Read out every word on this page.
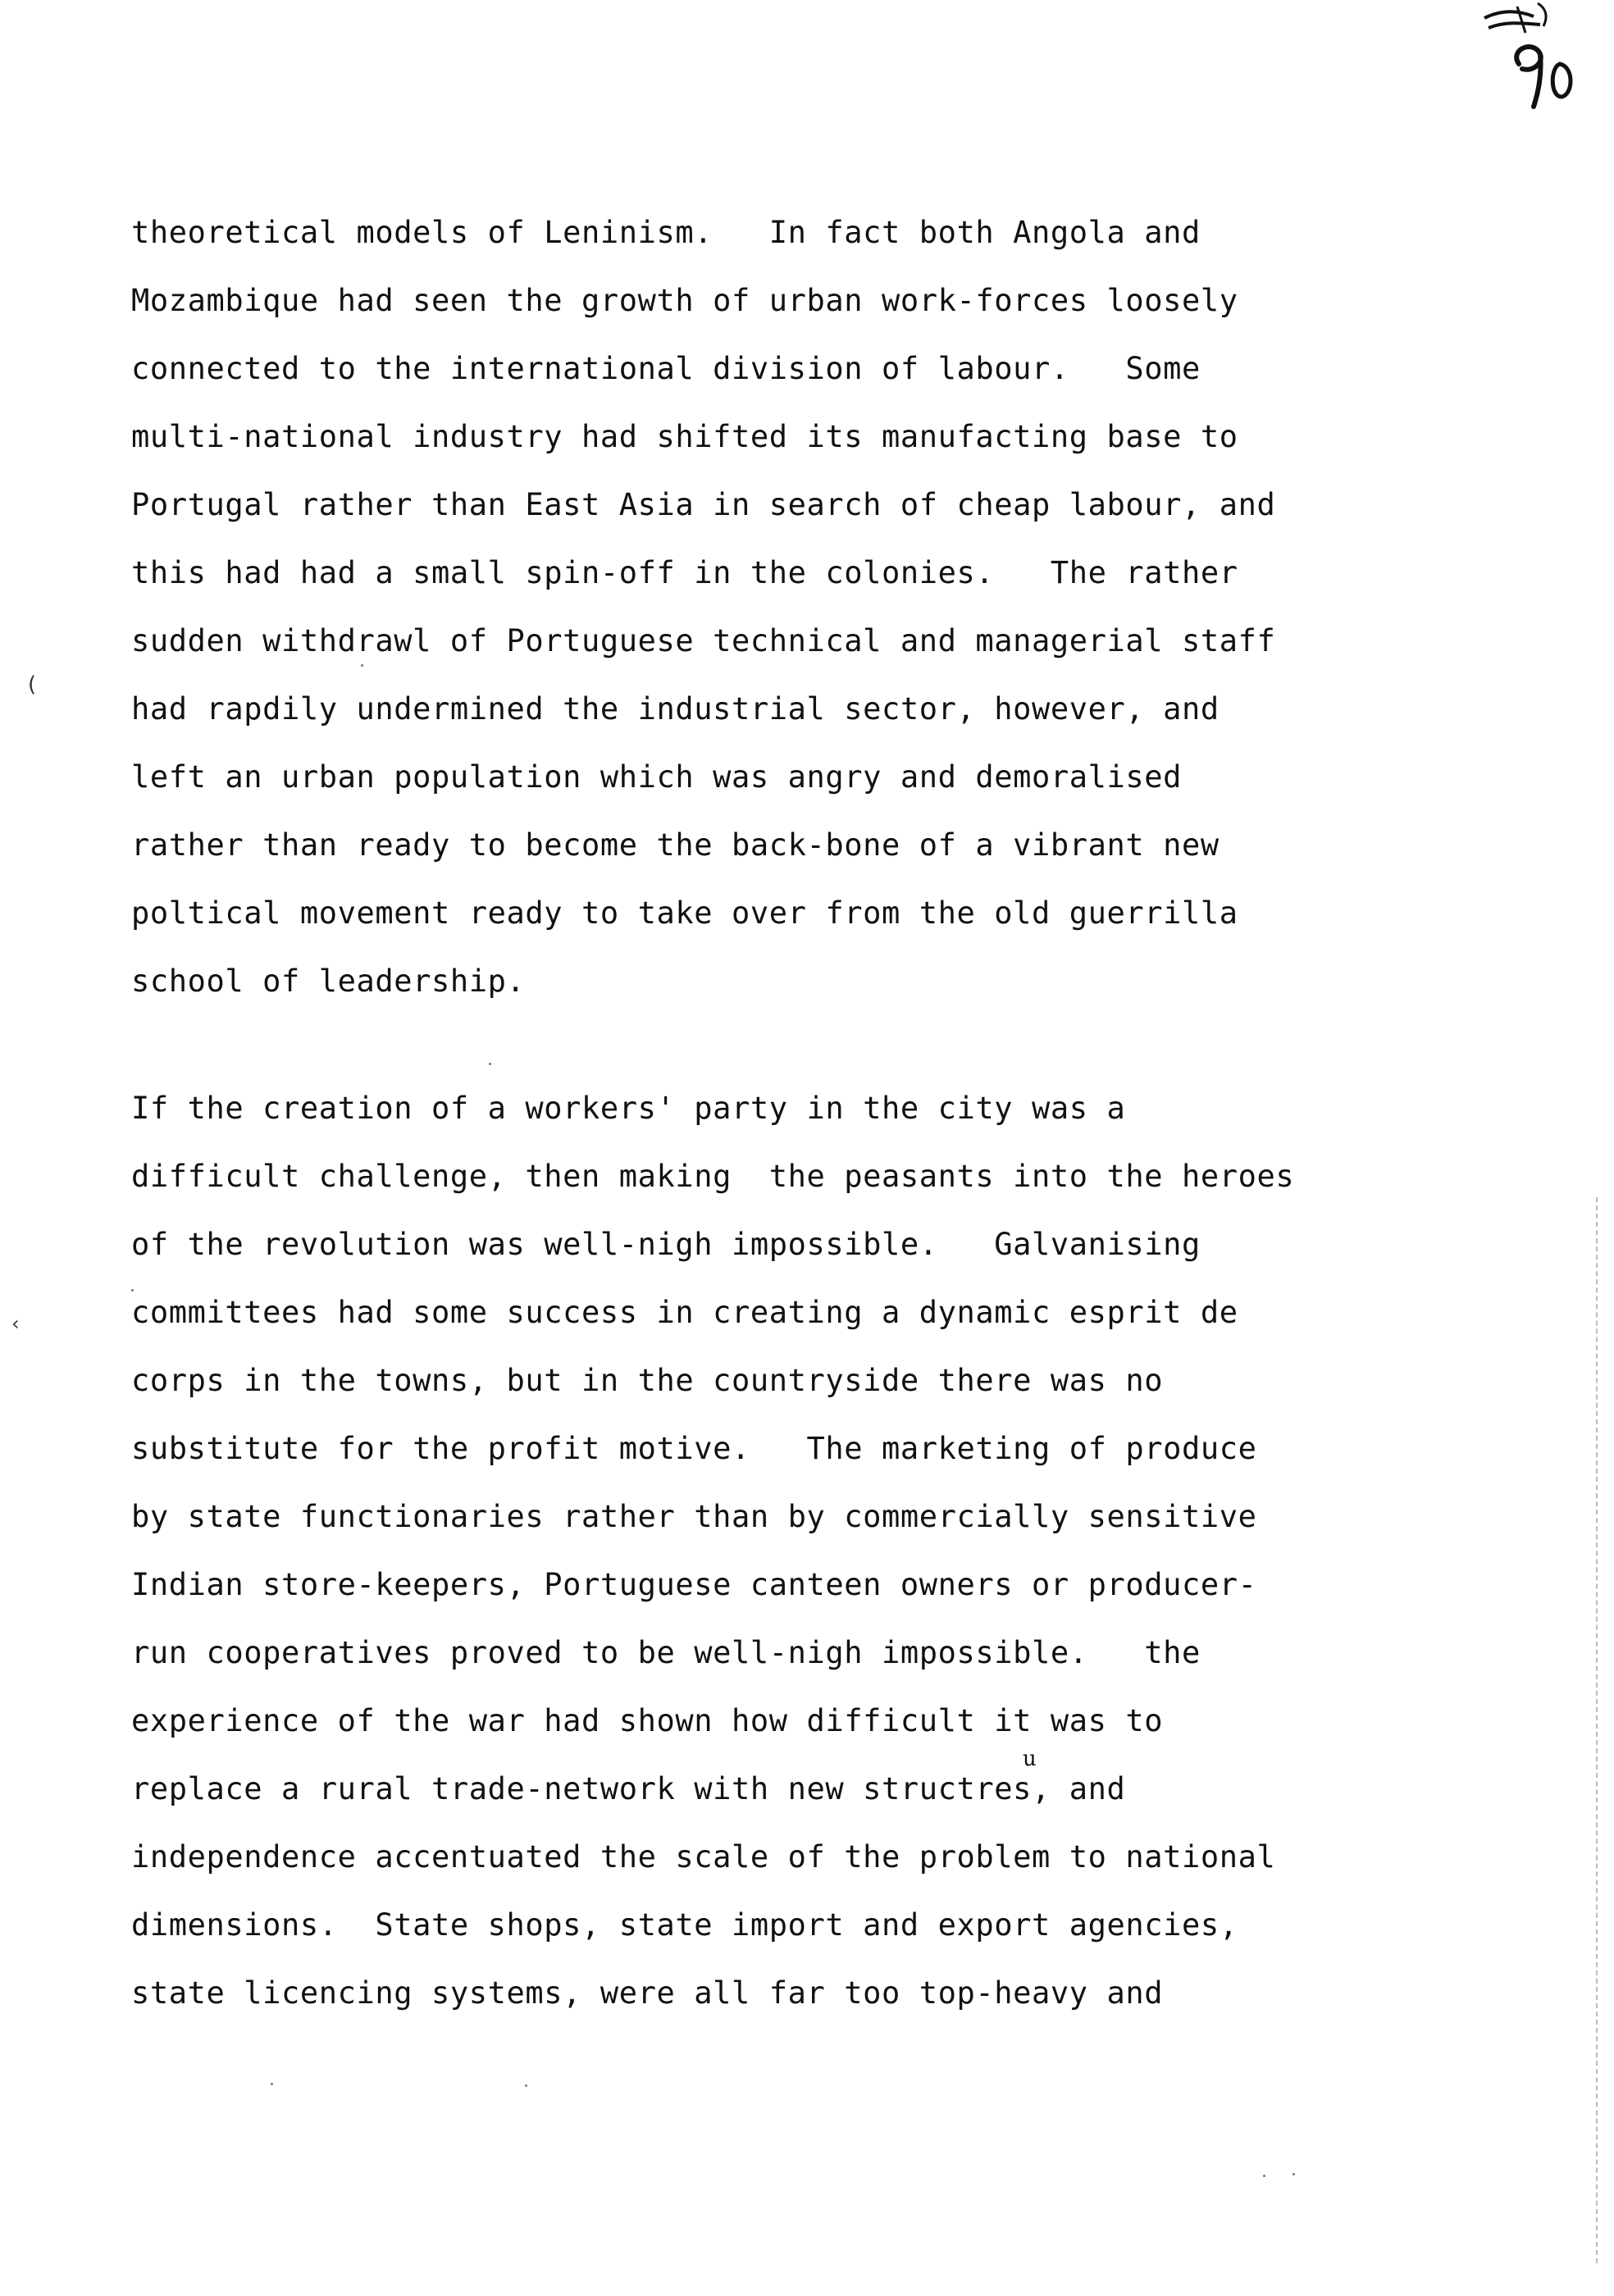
theoretical models of Leninism.   In fact both Angola and
Mozambique had seen the growth of urban work-forces loosely
connected to the international division of labour.   Some
multi-national industry had shifted its manufacting base to
Portugal rather than East Asia in search of cheap labour, and
this had had a small spin-off in the colonies.   The rather
sudden withdrawl of Portuguese technical and managerial staff
had rapdily undermined the industrial sector, however, and
left an urban population which was angry and demoralised
rather than ready to become the back-bone of a vibrant new
poltical movement ready to take over from the old guerrilla
school of leadership.
If the creation of a workers' party in the city was a
difficult challenge, then making  the peasants into the heroes
of the revolution was well-nigh impossible.   Galvanising
committees had some success in creating a dynamic esprit de
corps in the towns, but in the countryside there was no
substitute for the profit motive.   The marketing of produce
by state functionaries rather than by commercially sensitive
Indian store-keepers, Portuguese canteen owners or producer-
run cooperatives proved to be well-nigh impossible.   the
experience of the war had shown how difficult it was to
replace a rural trade-network with new structres, and
independence accentuated the scale of the problem to national
dimensions.  State shops, state import and export agencies,
state licencing systems, were all far too top-heavy and
u
(
‹
